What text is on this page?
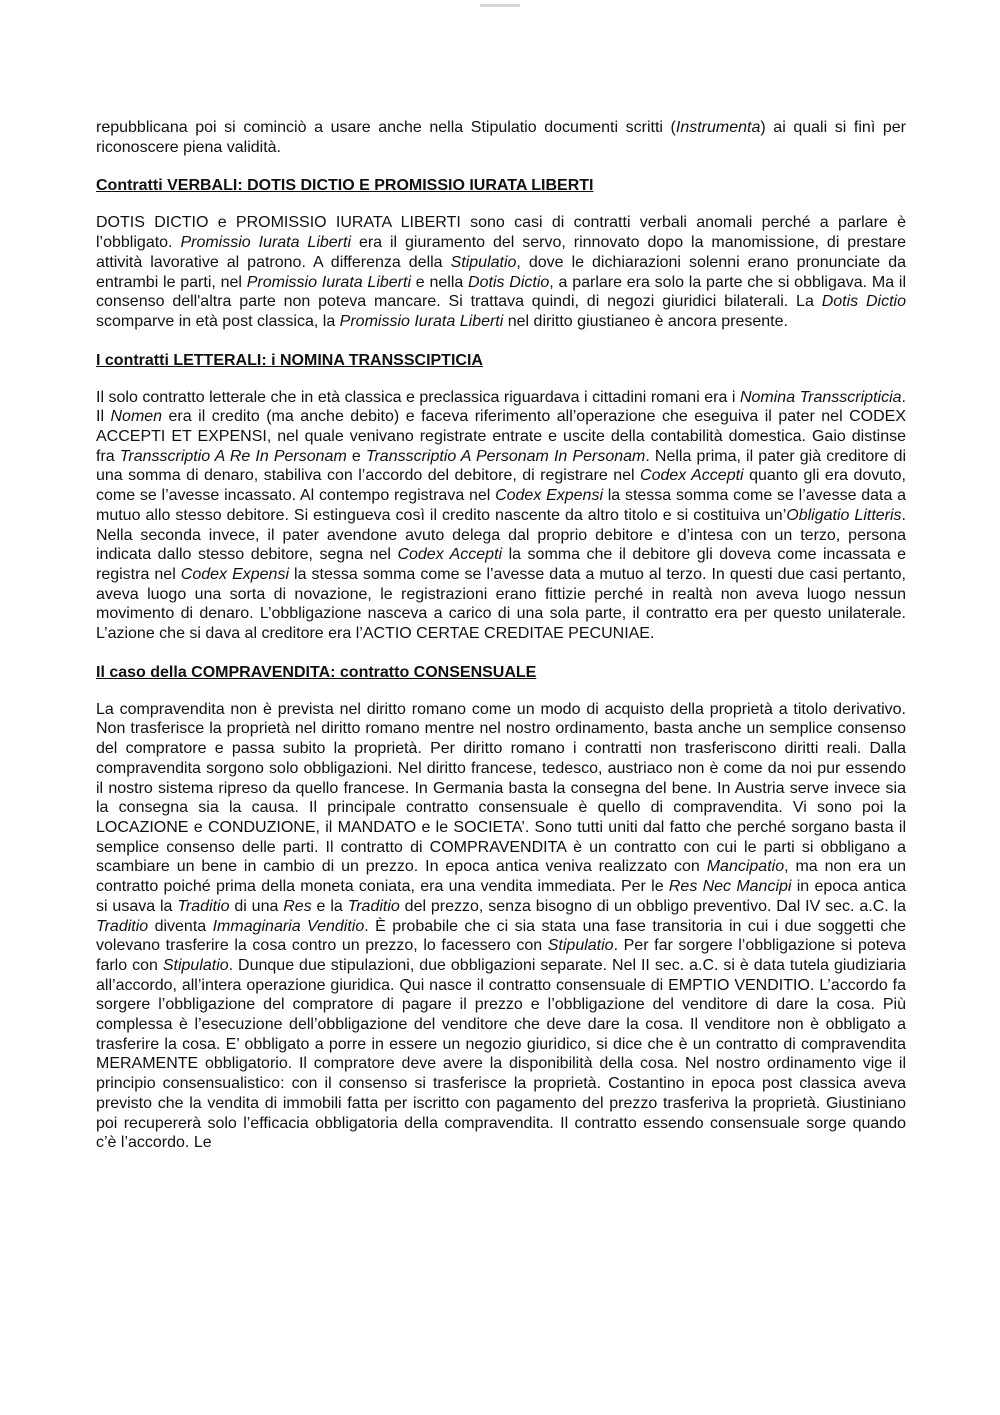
repubblicana poi si cominciò a usare anche nella Stipulatio documenti scritti (Instrumenta) ai quali si finì per riconoscere piena validità.

Contratti VERBALI: DOTIS DICTIO E PROMISSIO IURATA LIBERTI

DOTIS DICTIO e PROMISSIO IURATA LIBERTI sono casi di contratti verbali anomali perché a parlare è l’obbligato. Promissio Iurata Liberti era il giuramento del servo, rinnovato dopo la manomissione, di prestare attività lavorative al patrono. A differenza della Stipulatio, dove le dichiarazioni solenni erano pronunciate da entrambi le parti, nel Promissio Iurata Liberti e nella Dotis Dictio, a parlare era solo la parte che si obbligava. Ma il consenso dell'altra parte non poteva mancare. Si trattava quindi, di negozi giuridici bilaterali. La Dotis Dictio scomparve in età post classica, la Promissio Iurata Liberti nel diritto giustianeo è ancora presente.

I contratti LETTERALI: i NOMINA TRANSSCIPTICIA

Il solo contratto letterale che in età classica e preclassica riguardava i cittadini romani era i Nomina Transscripticia. Il Nomen era il credito (ma anche debito) e faceva riferimento all’operazione che eseguiva il pater nel CODEX ACCEPTI ET EXPENSI, nel quale venivano registrate entrate e uscite della contabilità domestica. Gaio distinse fra Transscriptio A Re In Personam e Transscriptio A Personam In Personam. Nella prima, il pater già creditore di una somma di denaro, stabiliva con l’accordo del debitore, di registrare nel Codex Accepti quanto gli era dovuto, come se l’avesse incassato. Al contempo registrava nel Codex Expensi la stessa somma come se l’avesse data a mutuo allo stesso debitore. Si estingueva così il credito nascente da altro titolo e si costituiva un’Obligatio Litteris. Nella seconda invece, il pater avendone avuto delega dal proprio debitore e d’intesa con un terzo, persona indicata dallo stesso debitore, segna nel Codex Accepti la somma che il debitore gli doveva come incassata e registra nel Codex Expensi la stessa somma come se l’avesse data a mutuo al terzo. In questi due casi pertanto, aveva luogo una sorta di novazione, le registrazioni erano fittizie perché in realtà non aveva luogo nessun movimento di denaro. L’obbligazione nasceva a carico di una sola parte, il contratto era per questo unilaterale. L’azione che si dava al creditore era l’ACTIO CERTAE CREDITAE PECUNIAE.

Il caso della COMPRAVENDITA: contratto CONSENSUALE

La compravendita non è prevista nel diritto romano come un modo di acquisto della proprietà a titolo derivativo. Non trasferisce la proprietà nel diritto romano mentre nel nostro ordinamento, basta anche un semplice consenso del compratore e passa subito la proprietà. Per diritto romano i contratti non trasferiscono diritti reali. Dalla compravendita sorgono solo obbligazioni. Nel diritto francese, tedesco, austriaco non è come da noi pur essendo il nostro sistema ripreso da quello francese. In Germania basta la consegna del bene. In Austria serve invece sia la consegna sia la causa. Il principale contratto consensuale è quello di compravendita. Vi sono poi la LOCAZIONE e CONDUZIONE, il MANDATO e le SOCIETA’. Sono tutti uniti dal fatto che perché sorgano basta il semplice consenso delle parti. Il contratto di COMPRAVENDITA è un contratto con cui le parti si obbligano a scambiare un bene in cambio di un prezzo. In epoca antica veniva realizzato con Mancipatio, ma non era un contratto poiché prima della moneta coniata, era una vendita immediata. Per le Res Nec Mancipi in epoca antica si usava la Traditio di una Res e la Traditio del prezzo, senza bisogno di un obbligo preventivo. Dal IV sec. a.C. la Traditio diventa Immaginaria Venditio. È probabile che ci sia stata una fase transitoria in cui i due soggetti che volevano trasferire la cosa contro un prezzo, lo facessero con Stipulatio. Per far sorgere l’obbligazione si poteva farlo con Stipulatio. Dunque due stipulazioni, due obbligazioni separate. Nel II sec. a.C. si è data tutela giudiziaria all’accordo, all’intera operazione giuridica. Qui nasce il contratto consensuale di EMPTIO VENDITIO. L’accordo fa sorgere l’obbligazione del compratore di pagare il prezzo e l’obbligazione del venditore di dare la cosa. Più complessa è l’esecuzione dell’obbligazione del venditore che deve dare la cosa. Il venditore non è obbligato a trasferire la cosa. E’ obbligato a porre in essere un negozio giuridico, si dice che è un contratto di compravendita MERAMENTE obbligatorio. Il compratore deve avere la disponibilità della cosa. Nel nostro ordinamento vige il principio consensualistico: con il consenso si trasferisce la proprietà. Costantino in epoca post classica aveva previsto che la vendita di immobili fatta per iscritto con pagamento del prezzo trasferiva la proprietà. Giustiniano poi recupererà solo l’efficacia obbligatoria della compravendita. Il contratto essendo consensuale sorge quando c’è l’accordo. Le
